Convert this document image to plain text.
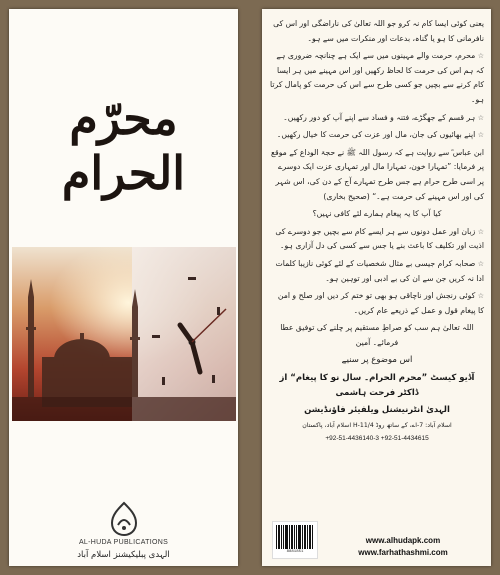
محرّم الحرام
AL-HUDA PUBLICATIONS
الہدی پبلیکیشنز اسلام آباد

یعنی کوئی ایسا کام نہ کرو جو اللہ تعالیٰ کی ناراضگی اور اس کی نافرمانی کا ہو یا گناہ، بدعات اور منکرات میں سے ہو۔

☆ محرم، حرمت والے مہینوں میں سے ایک ہے چنانچہ ضروری ہے کہ ہم اس کی حرمت کا لحاظ رکھیں اور اس مہینے میں ہر ایسا کام کرنے سے بچیں جو کسی طرح سے اس کی حرمت کو پامال کرتا ہو۔

☆ ہر قسم کے جھگڑے، فتنہ و فساد سے اپنے آپ کو دور رکھیں۔

☆ اپنے بھائیوں کی جان، مال اور عزت کی حرمت کا خیال رکھیں۔

ابن عباس ؓ سے روایت ہے کہ رسول اللہ ﷺ نے حجۃ الوداع کے موقع پر فرمایا: ”تمہارا خون، تمہارا مال اور تمہاری عزت ایک دوسرے پر اسی طرح حرام ہے جس طرح تمہارے آج کے دن کی، اس شہر کی اور اس مہینے کی حرمت ہے۔“ (صحیح بخاری)

کیا آپ کا یہ پیغام ہمارے لئے کافی نہیں؟

☆ زبان اور عمل دونوں سے ہر ایسے کام سے بچیں جو دوسرے کی اذیت اور تکلیف کا باعث بنے یا جس سے کسی کی دل آزاری ہو۔

☆ صحابہ کرام جیسی بے مثال شخصیات کے لئے کوئی نازیبا کلمات ادا نہ کریں جن سے ان کی بے ادبی اور توہین ہو۔

☆ کوئی رنجش اور ناچاقی ہو بھی تو ختم کر دیں اور صلح و امن کا پیغام قول و عمل کے ذریعے عام کریں۔

اللہ تعالیٰ ہم سب کو صراطِ مستقیم پر چلنے کی توفیق عطا فرمائے۔ آمین

اس موضوع پر سنیے

آڈیو کیسٹ ”محرم الحرام۔ سال نو کا پیغام“ از ڈاکٹر فرحت ہاشمی

الہدیٰ انٹرنیشنل ویلفیئر فاؤنڈیشن

اسلام آباد: 7-اے، کے ساتھ روڈ H-11/4 اسلام آباد، پاکستان

+92-51-4436140-3 +92-51-4434615

8881851
www.alhudapk.com
www.farhathashmi.com
